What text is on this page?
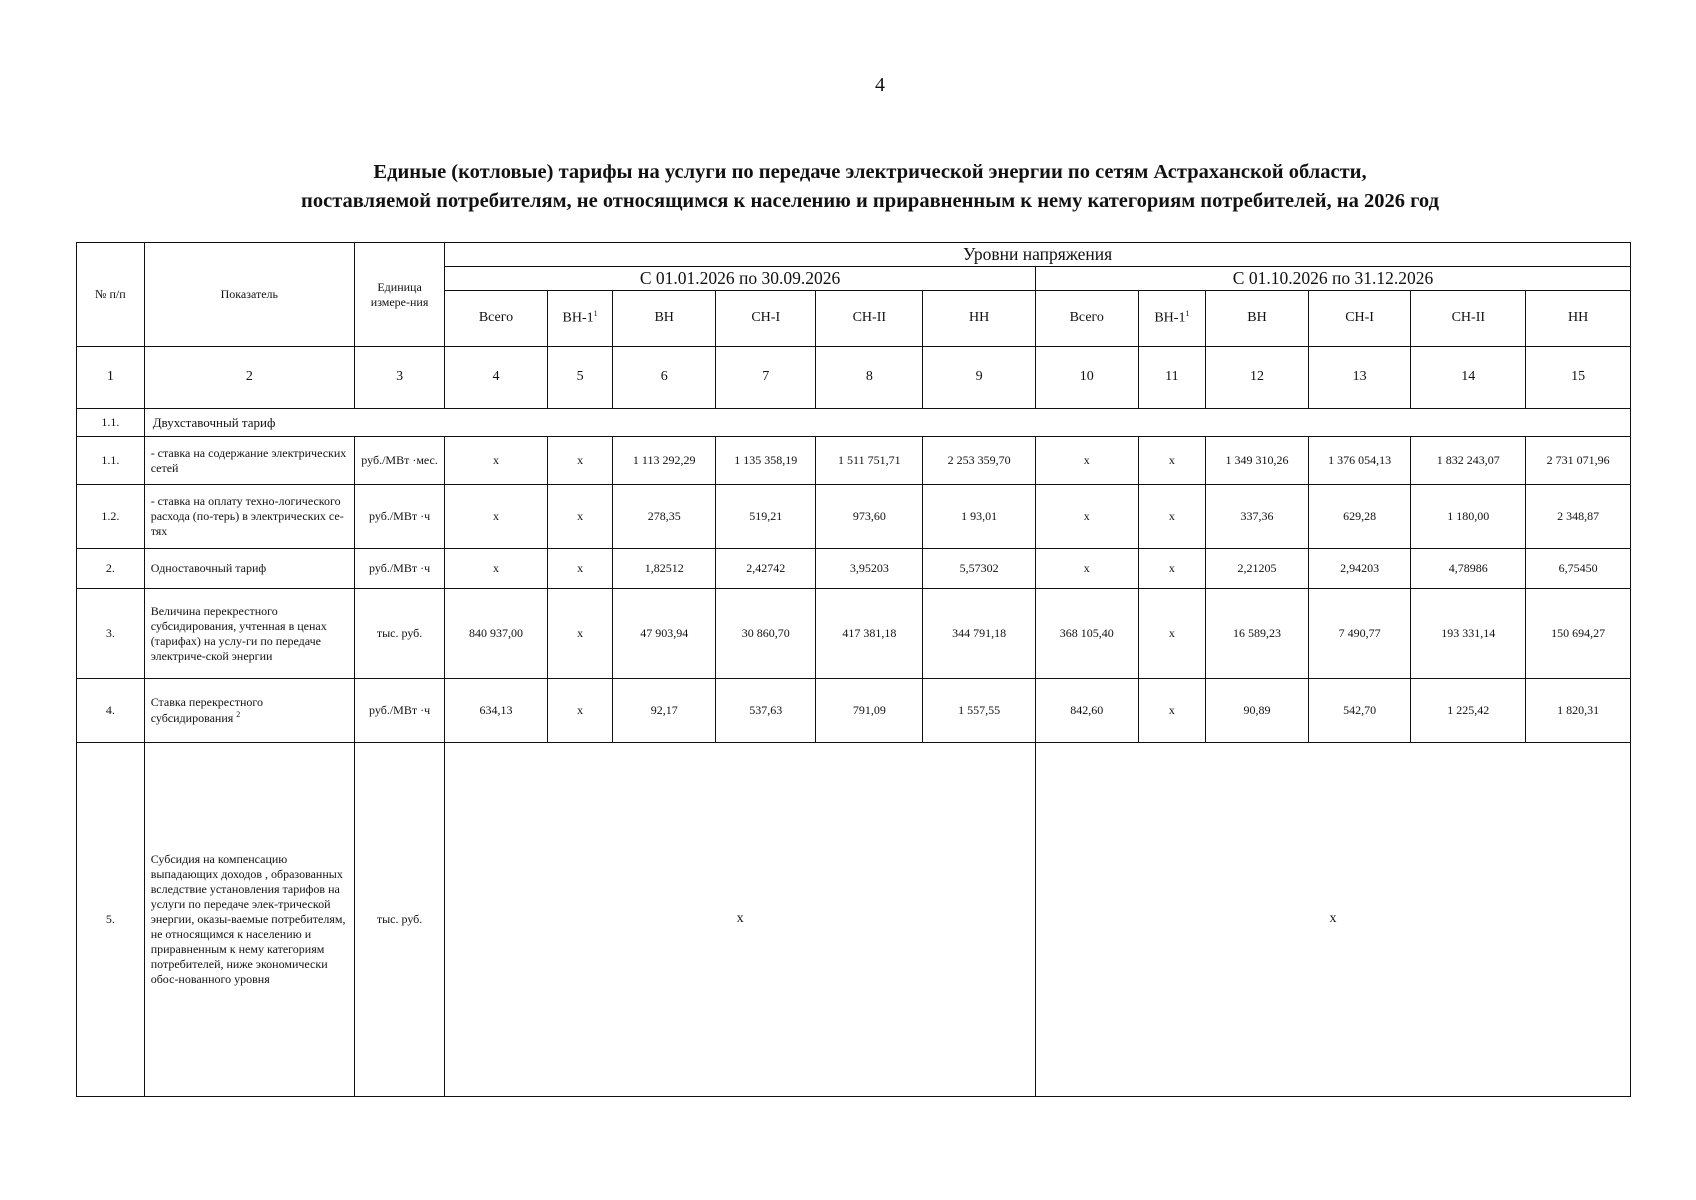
4
Единые (котловые) тарифы на услуги по передаче электрической энергии по сетям Астраханской области,
поставляемой потребителям, не относящимся к населению и приравненным к нему категориям потребителей, на 2026 год
№ п/п	Показатель	Единица измере-ния	Уровни напряжения											
			С 01.01.2026 по 30.09.2026						С 01.10.2026 по 31.12.2026					
			Всего	$ВН-1^1$	ВН	СН-I	СН-II	НН	Всего	$ВН-1^1$	ВН	СН-I	СН-II	НН
1	2	3	4	5	6	7	8	9	10	11	12	13	14	15
1.1.	Двухставочный тариф													
1.1.	- ставка на содержание электрических сетей	руб./МВт ·мес.	х	х	1 113 292,29	1 135 358,19	1 511 751,71	2 253 359,70	х	х	1 349 310,26	1 376 054,13	1 832 243,07	2 731 071,96
1.2.	- ставка на оплату техно-логического расхода (по-терь) в электрических се-тях	руб./МВт ·ч	х	х	278,35	519,21	973,60	1 93,01	х	х	337,36	629,28	1 180,00	2 348,87
2.	Одноставочный тариф	руб./МВт ·ч	х	х	1,82512	2,42742	3,95203	5,57302	х	х	2,21205	2,94203	4,78986	6,75450
3.	Величина перекрестного субсидирования, учтенная в ценах (тарифах) на услу-ги по передаче электриче-ской энергии	тыс. руб.	840 937,00	х	47 903,94	30 860,70	417 381,18	344 791,18	368 105,40	х	16 589,23	7 490,77	193 331,14	150 694,27
4.	Ставка перекрестного субсидирования $^2$	руб./МВт ·ч	634,13	х	92,17	537,63	791,09	1 557,55	842,60	х	90,89	542,70	1 225,42	1 820,31
5.	Субсидия на компенсацию выпадающих доходов , образованных вследствие установления тарифов на услуги по передаче элек-трической энергии, оказы-ваемые потребителям, не относящимся к населению и приравненным к нему категориям потребителей, ниже экономически обос-нованного уровня	тыс. руб.	х						х					
